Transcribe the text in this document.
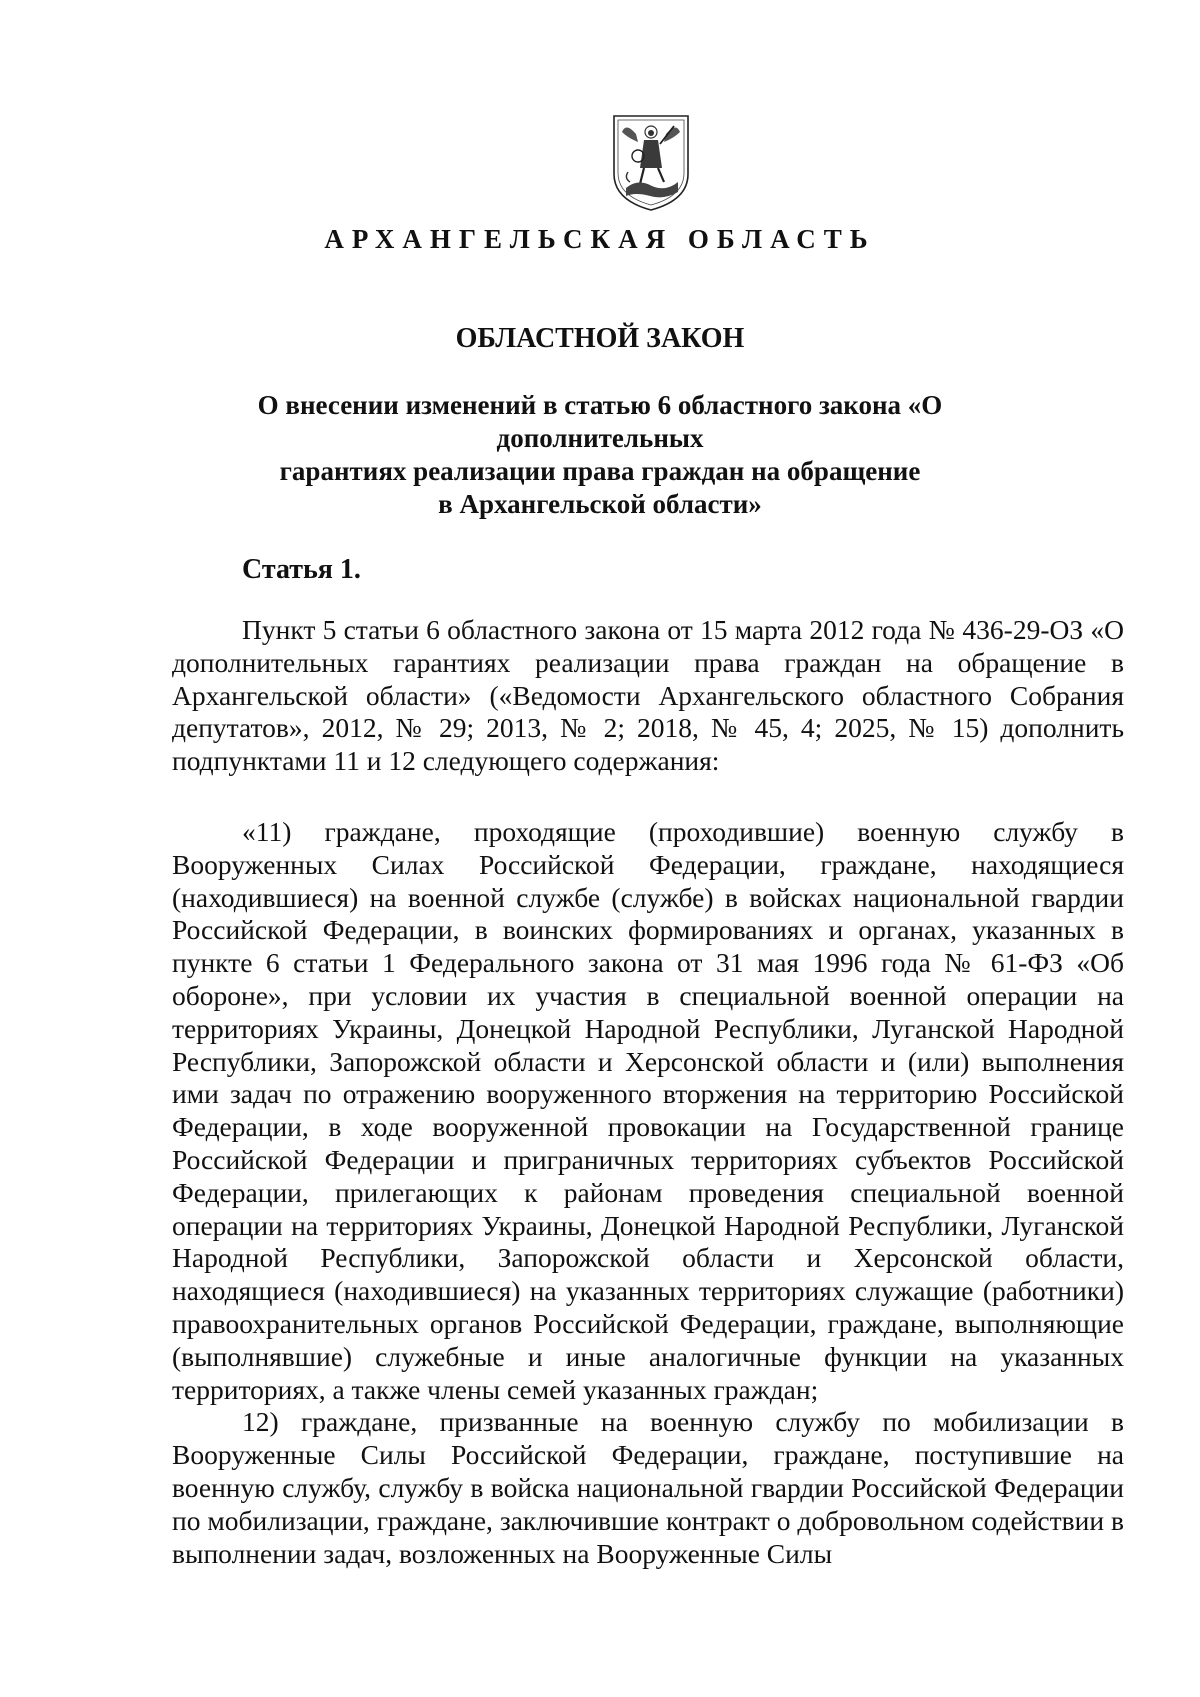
АРХАНГЕЛЬСКАЯ ОБЛАСТЬ
ОБЛАСТНОЙ ЗАКОН
О внесении изменений в статью 6 областного закона «О дополнительных
гарантиях реализации права граждан на обращение
в Архангельской области»
Статья 1.

Пункт 5 статьи 6 областного закона от 15 марта 2012 года № 436-29-ОЗ «О дополнительных гарантиях реализации права граждан на обращение в Архангельской области» («Ведомости Архангельского областного Собрания депутатов», 2012, № 29; 2013, № 2; 2018, № 45, 4; 2025, № 15) дополнить подпунктами 11 и 12 следующего содержания:

«11) граждане, проходящие (проходившие) военную службу в Вооруженных Силах Российской Федерации, граждане, находящиеся (находившиеся) на военной службе (службе) в войсках национальной гвардии Российской Федерации, в воинских формированиях и органах, указанных в пункте 6 статьи 1 Федерального закона от 31 мая 1996 года № 61-ФЗ «Об обороне», при условии их участия в специальной военной операции на территориях Украины, Донецкой Народной Республики, Луганской Народной Республики, Запорожской области и Херсонской области и (или) выполнения ими задач по отражению вооруженного вторжения на территорию Российской Федерации, в ходе вооруженной провокации на Государственной границе Российской Федерации и приграничных территориях субъектов Российской Федерации, прилегающих к районам проведения специальной военной операции на территориях Украины, Донецкой Народной Республики, Луганской Народной Республики, Запорожской области и Херсонской области, находящиеся (находившиеся) на указанных территориях служащие (работники) правоохранительных органов Российской Федерации, граждане, выполняющие (выполнявшие) служебные и иные аналогичные функции на указанных территориях, а также члены семей указанных граждан;

12) граждане, призванные на военную службу по мобилизации в Вооруженные Силы Российской Федерации, граждане, поступившие на военную службу, службу в войска национальной гвардии Российской Федерации по мобилизации, граждане, заключившие контракт о добровольном содействии в выполнении задач, возложенных на Вооруженные Силы
